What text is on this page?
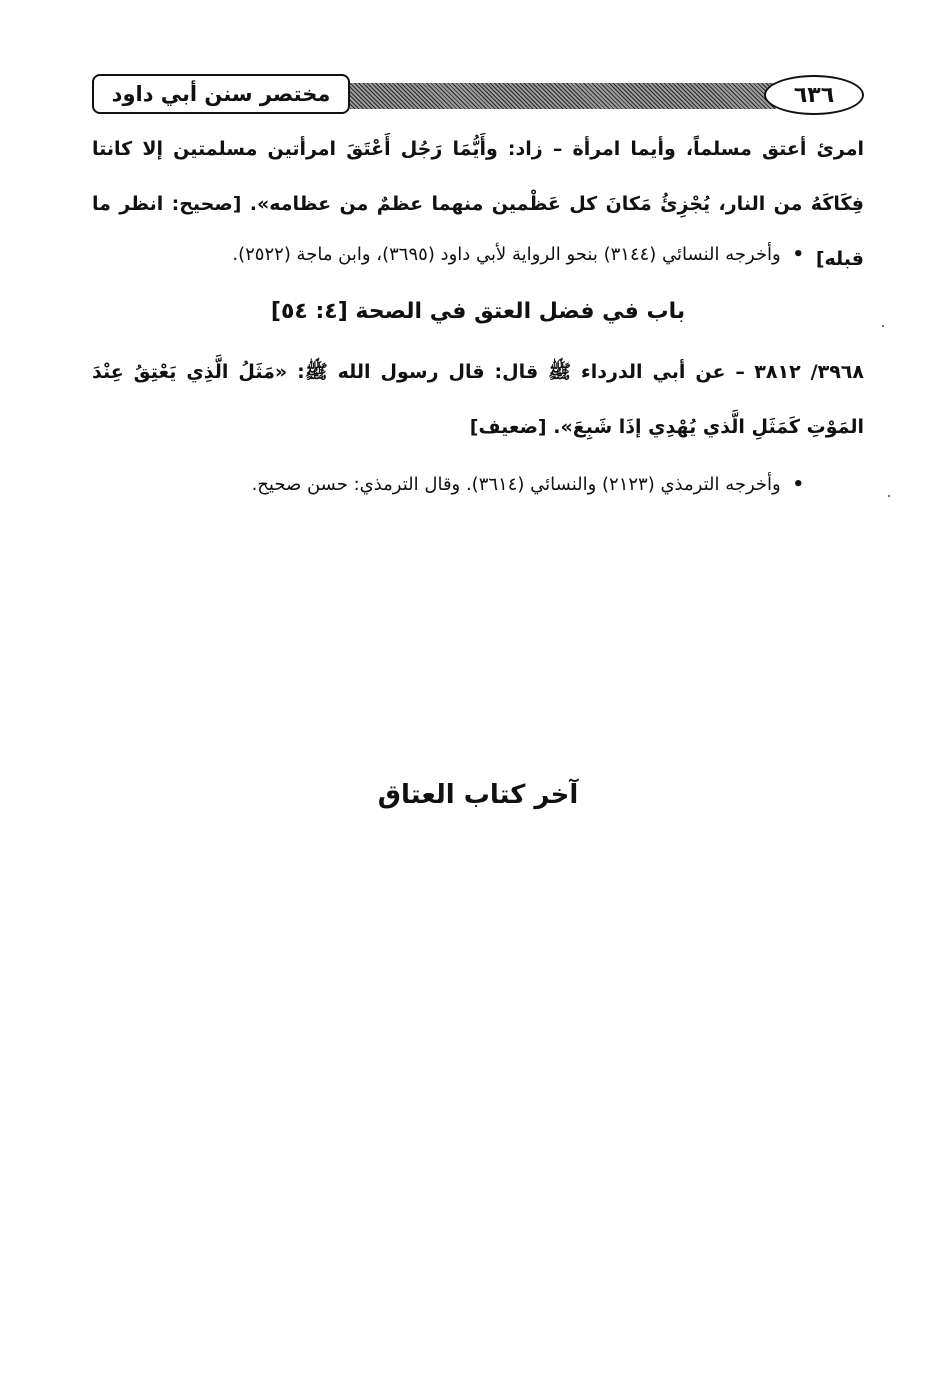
مختصر سنن أبي داود	٦٣٦
امرئ أعتق مسلماً، وأيما امرأة – زاد: وأَيُّمَا رَجُل أَعْتَقَ امرأتين مسلمتين إلا كانتا فِكَاكَهُ من النار، يُجْزِئُ مَكانَ كل عَظْمين منهما عظمٌ من عظامه». [صحيح: انظر ما قبله]
• وأخرجه النسائي (٣١٤٤) بنحو الرواية لأبي داود (٣٦٩٥)، وابن ماجة (٢٥٢٢).
باب في فضل العتق في الصحة [٤: ٥٤]
٣٩٦٨/ ٣٨١٢ – عن أبي الدرداء ﷺ قال: قال رسول الله ﷺ: «مَثَلُ الَّذِي يَعْتِقُ عِنْدَ المَوْتِ كَمَثَلِ الَّذي يُهْدِي إذَا شَبِعَ». [ضعيف]
• وأخرجه الترمذي (٢١٢٣) والنسائي (٣٦١٤). وقال الترمذي: حسن صحيح.
آخر كتاب العتاق
